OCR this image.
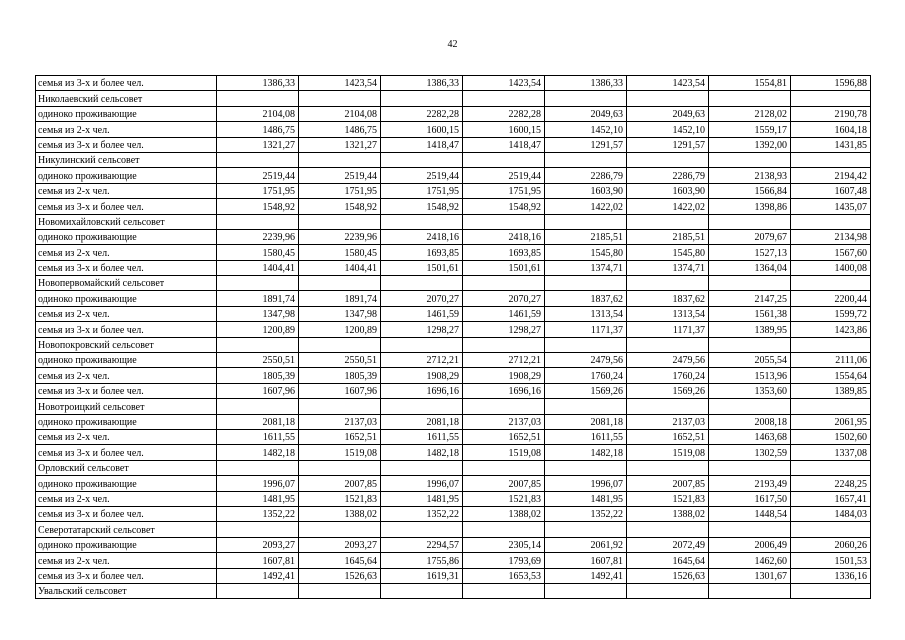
42
семья из 3-х и более чел.	1386,33	1423,54	1386,33	1423,54	1386,33	1423,54	1554,81	1596,88
Николаевский сельсовет								
одиноко проживающие	2104,08	2104,08	2282,28	2282,28	2049,63	2049,63	2128,02	2190,78
семья из 2-х чел.	1486,75	1486,75	1600,15	1600,15	1452,10	1452,10	1559,17	1604,18
семья из 3-х и более чел.	1321,27	1321,27	1418,47	1418,47	1291,57	1291,57	1392,00	1431,85
Никулинский сельсовет								
одиноко проживающие	2519,44	2519,44	2519,44	2519,44	2286,79	2286,79	2138,93	2194,42
семья из 2-х чел.	1751,95	1751,95	1751,95	1751,95	1603,90	1603,90	1566,84	1607,48
семья из 3-х и более чел.	1548,92	1548,92	1548,92	1548,92	1422,02	1422,02	1398,86	1435,07
Новомихайловский сельсовет								
одиноко проживающие	2239,96	2239,96	2418,16	2418,16	2185,51	2185,51	2079,67	2134,98
семья из 2-х чел.	1580,45	1580,45	1693,85	1693,85	1545,80	1545,80	1527,13	1567,60
семья из 3-х и более чел.	1404,41	1404,41	1501,61	1501,61	1374,71	1374,71	1364,04	1400,08
Новопервомайский сельсовет								
одиноко проживающие	1891,74	1891,74	2070,27	2070,27	1837,62	1837,62	2147,25	2200,44
семья из 2-х чел.	1347,98	1347,98	1461,59	1461,59	1313,54	1313,54	1561,38	1599,72
семья из 3-х и более чел.	1200,89	1200,89	1298,27	1298,27	1171,37	1171,37	1389,95	1423,86
Новопокровский сельсовет								
одиноко проживающие	2550,51	2550,51	2712,21	2712,21	2479,56	2479,56	2055,54	2111,06
семья из 2-х чел.	1805,39	1805,39	1908,29	1908,29	1760,24	1760,24	1513,96	1554,64
семья из 3-х и более чел.	1607,96	1607,96	1696,16	1696,16	1569,26	1569,26	1353,60	1389,85
Новотроицкий сельсовет								
одиноко проживающие	2081,18	2137,03	2081,18	2137,03	2081,18	2137,03	2008,18	2061,95
семья из 2-х чел.	1611,55	1652,51	1611,55	1652,51	1611,55	1652,51	1463,68	1502,60
семья из 3-х и более чел.	1482,18	1519,08	1482,18	1519,08	1482,18	1519,08	1302,59	1337,08
Орловский сельсовет								
одиноко проживающие	1996,07	2007,85	1996,07	2007,85	1996,07	2007,85	2193,49	2248,25
семья из 2-х чел.	1481,95	1521,83	1481,95	1521,83	1481,95	1521,83	1617,50	1657,41
семья из 3-х и более чел.	1352,22	1388,02	1352,22	1388,02	1352,22	1388,02	1448,54	1484,03
Северотатарский сельсовет								
одиноко проживающие	2093,27	2093,27	2294,57	2305,14	2061,92	2072,49	2006,49	2060,26
семья из 2-х чел.	1607,81	1645,64	1755,86	1793,69	1607,81	1645,64	1462,60	1501,53
семья из 3-х и более чел.	1492,41	1526,63	1619,31	1653,53	1492,41	1526,63	1301,67	1336,16
Увальский сельсовет								
